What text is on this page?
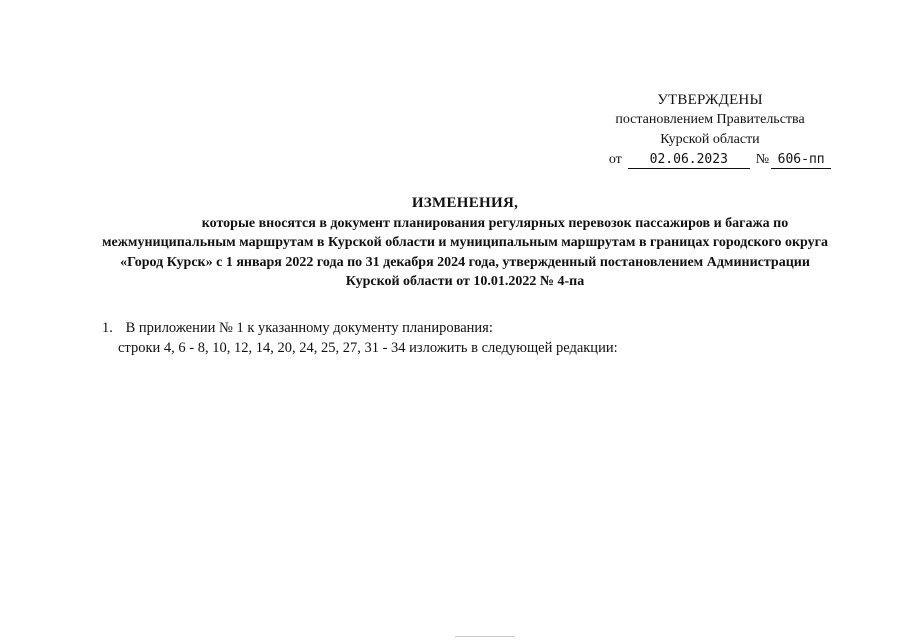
УТВЕРЖДЕНЫ
постановлением Правительства
Курской области
от	02.06.2023	№ 606-пп
ИЗМЕНЕНИЯ,
которые вносятся в документ планирования регулярных перевозок пассажиров и багажа по
межмуниципальным маршрутам в Курской области и муниципальным маршрутам в границах городского округа
«Город Курск» с 1 января 2022 года по 31 декабря 2024 года, утвержденный постановлением Администрации
Курской области от 10.01.2022 № 4-па
1. В приложении № 1 к указанному документу планирования:
строки 4, 6 - 8, 10, 12, 14, 20, 24, 25, 27, 31 - 34 изложить в следующей редакции:
